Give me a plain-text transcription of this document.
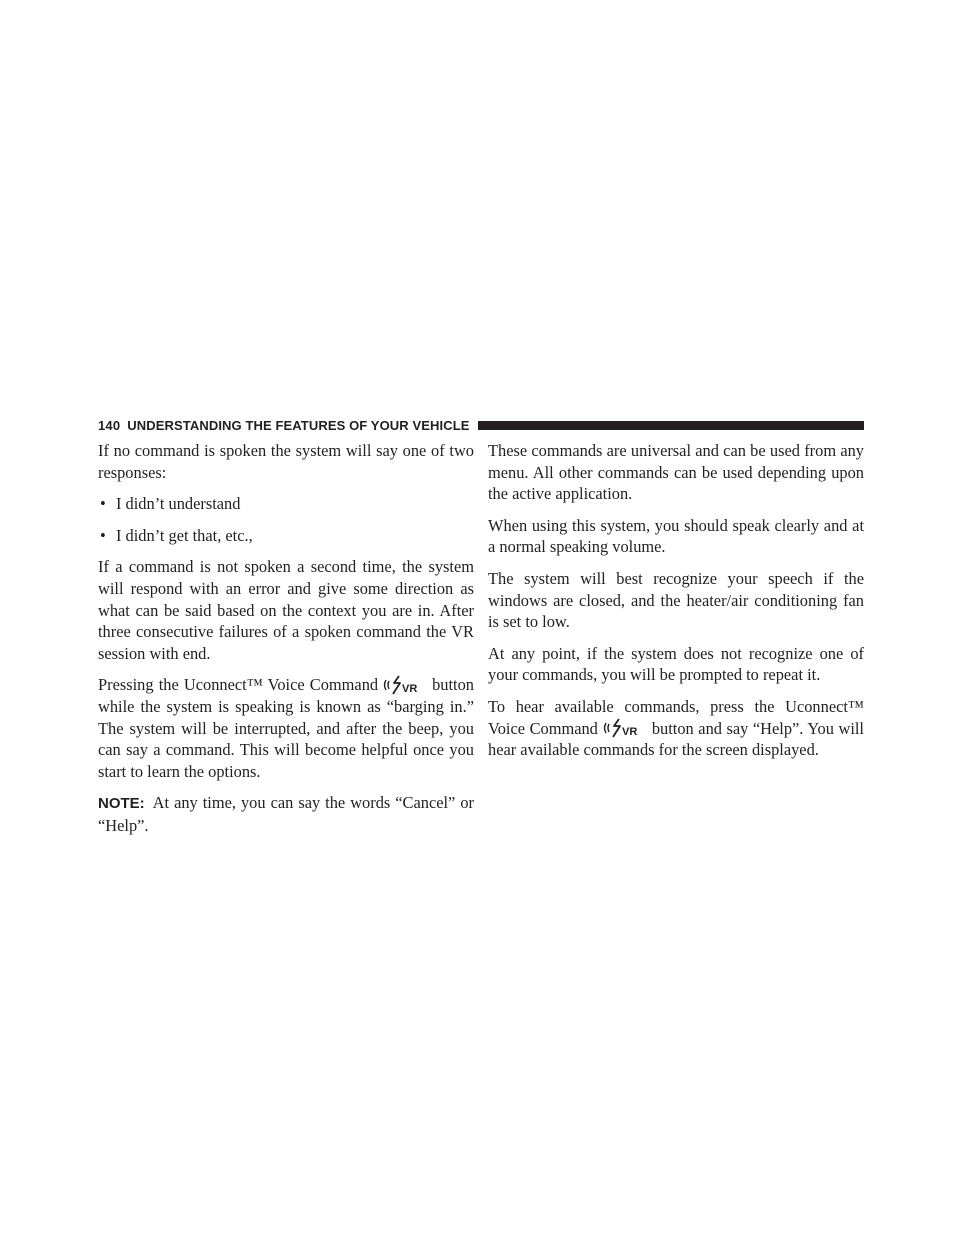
140 UNDERSTANDING THE FEATURES OF YOUR VEHICLE

If no command is spoken the system will say one of two responses:

• I didn’t understand
• I didn’t get that, etc.,

If a command is not spoken a second time, the system will respond with an error and give some direction as what can be said based on the context you are in. After three consecutive failures of a spoken command the VR session with end.

Pressing the Uconnect™ Voice Command VR button while the system is speaking is known as “barging in.” The system will be interrupted, and after the beep, you can say a command. This will become helpful once you start to learn the options.

NOTE: At any time, you can say the words “Cancel” or “Help”.

These commands are universal and can be used from any menu. All other commands can be used depending upon the active application.

When using this system, you should speak clearly and at a normal speaking volume.

The system will best recognize your speech if the windows are closed, and the heater/air conditioning fan is set to low.

At any point, if the system does not recognize one of your commands, you will be prompted to repeat it.

To hear available commands, press the Uconnect™ Voice Command VR button and say “Help”. You will hear available commands for the screen displayed.
